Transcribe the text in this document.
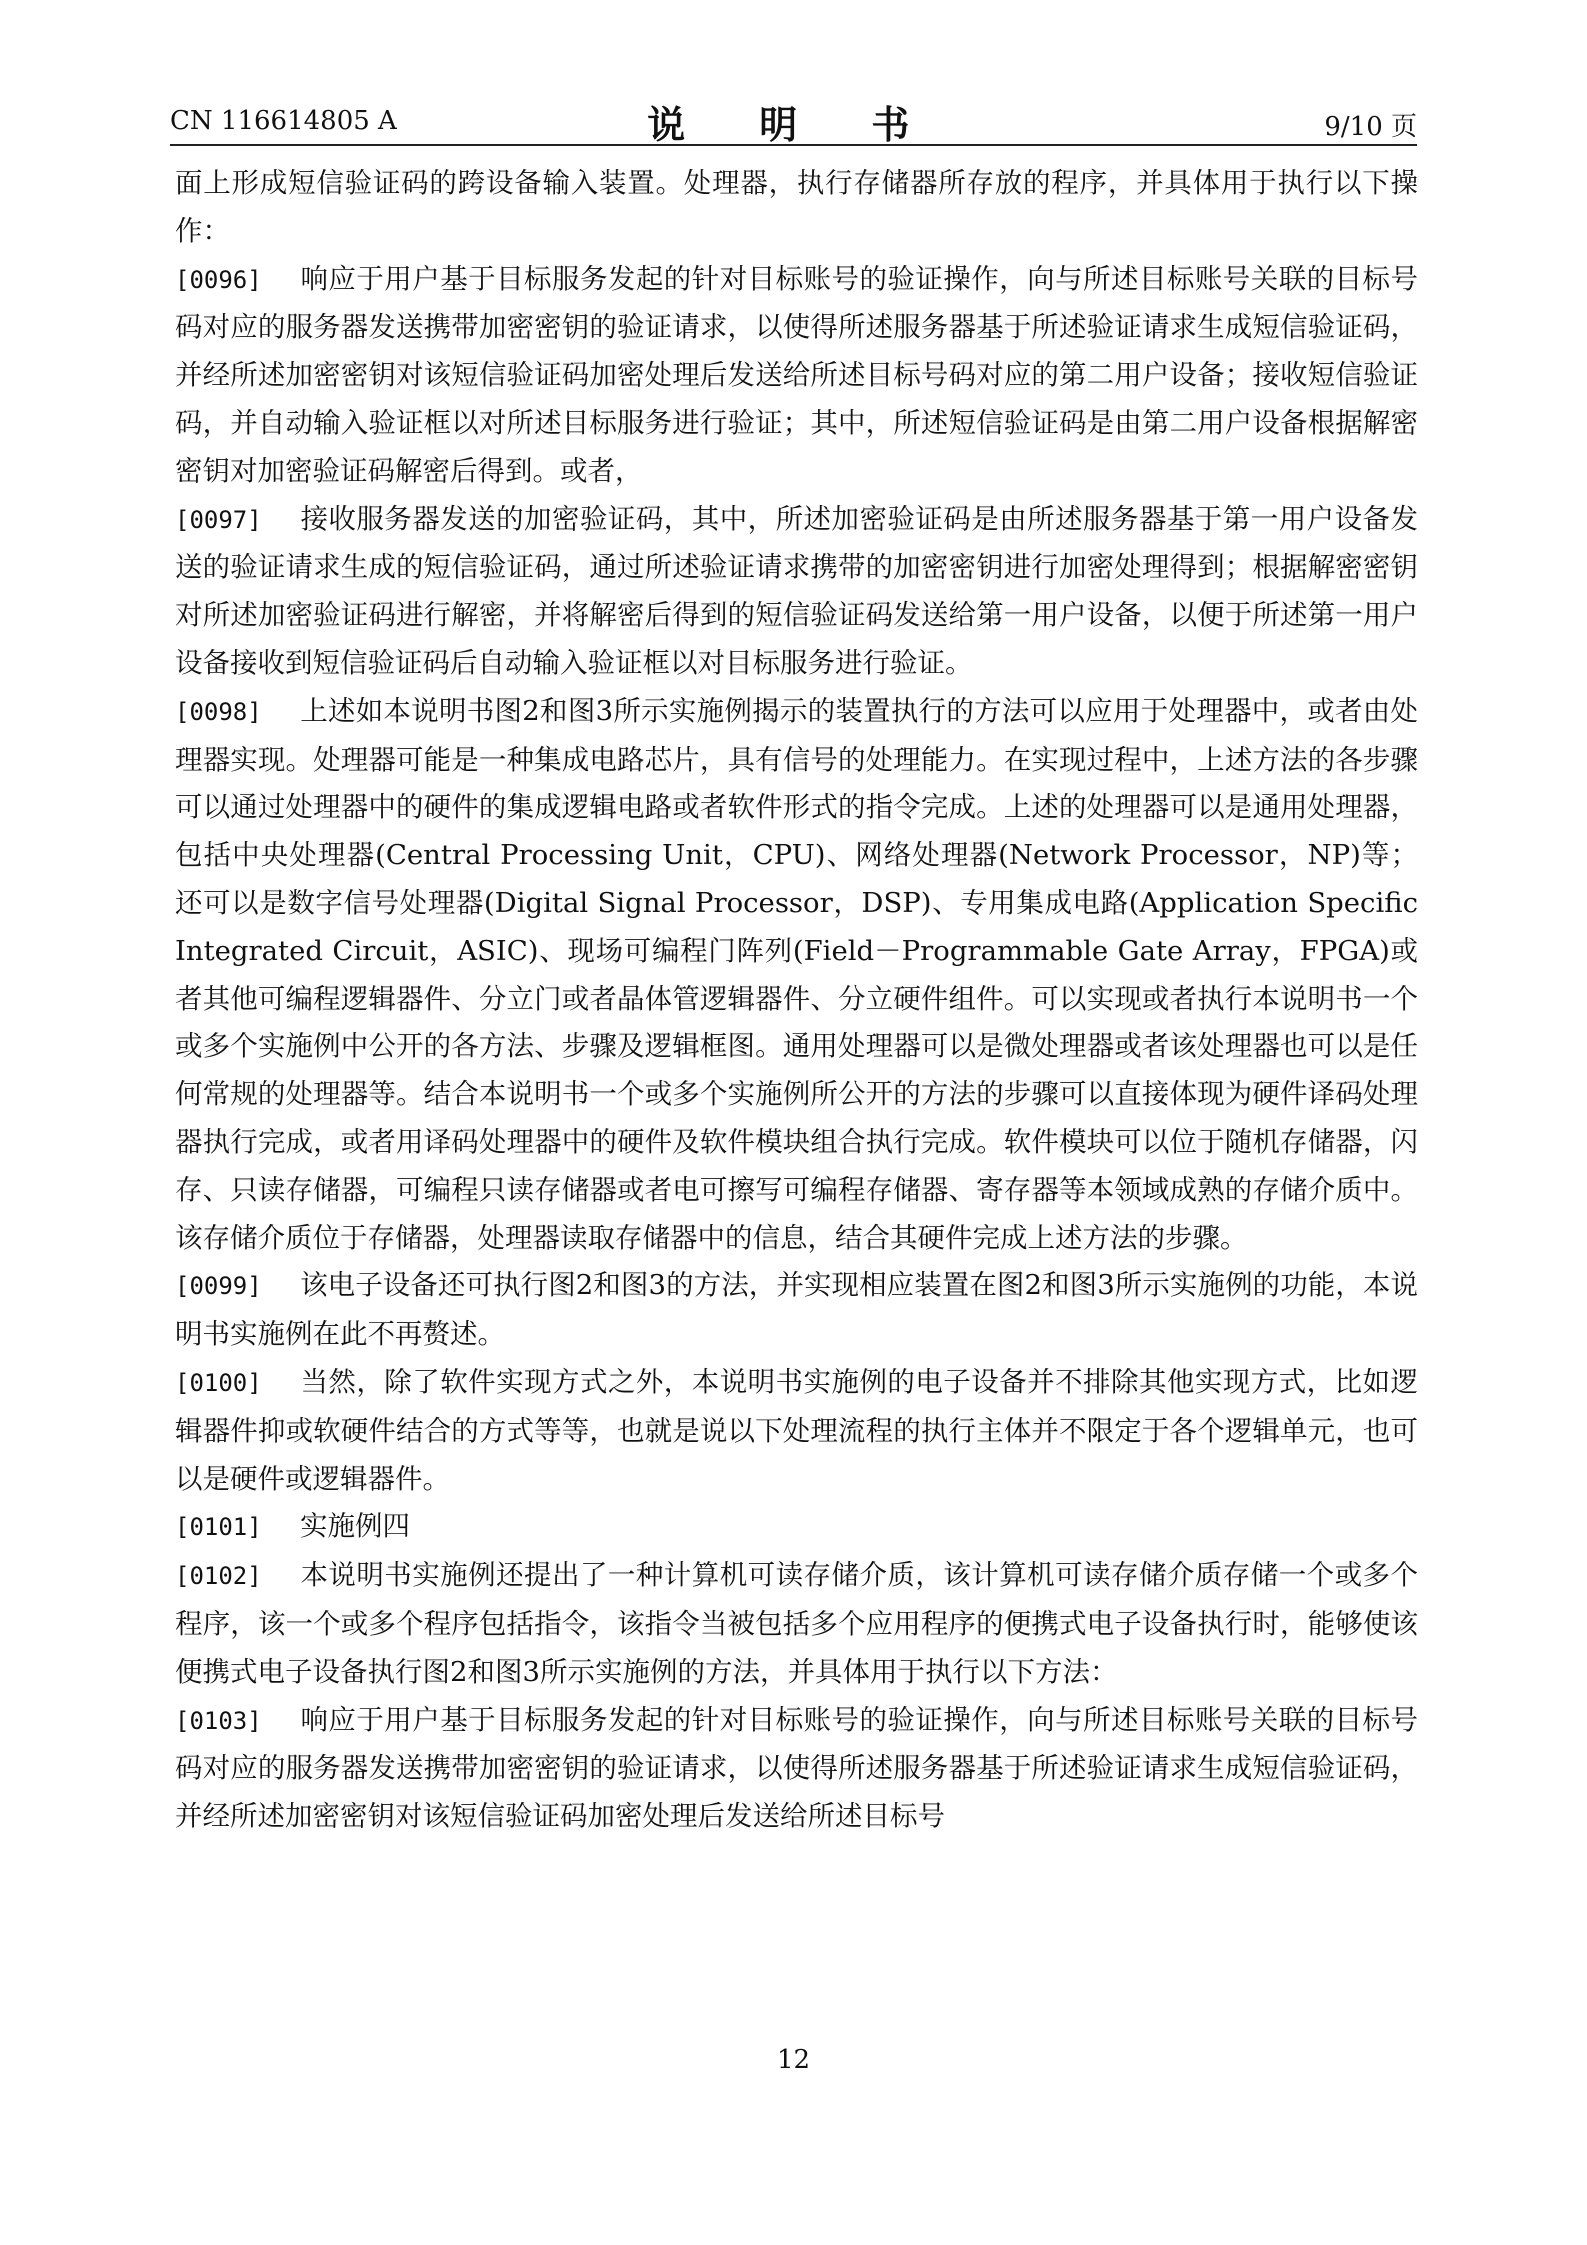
CN 116614805 A	说 明 书	9/10 页

面上形成短信验证码的跨设备输入装置。处理器，执行存储器所存放的程序，并具体用于执行以下操作：

[0096] 响应于用户基于目标服务发起的针对目标账号的验证操作，向与所述目标账号关联的目标号码对应的服务器发送携带加密密钥的验证请求，以使得所述服务器基于所述验证请求生成短信验证码，并经所述加密密钥对该短信验证码加密处理后发送给所述目标号码对应的第二用户设备；接收短信验证码，并自动输入验证框以对所述目标服务进行验证；其中，所述短信验证码是由第二用户设备根据解密密钥对加密验证码解密后得到。或者，

[0097] 接收服务器发送的加密验证码，其中，所述加密验证码是由所述服务器基于第一用户设备发送的验证请求生成的短信验证码，通过所述验证请求携带的加密密钥进行加密处理得到；根据解密密钥对所述加密验证码进行解密，并将解密后得到的短信验证码发送给第一用户设备，以便于所述第一用户设备接收到短信验证码后自动输入验证框以对目标服务进行验证。

[0098] 上述如本说明书图2和图3所示实施例揭示的装置执行的方法可以应用于处理器中，或者由处理器实现。处理器可能是一种集成电路芯片，具有信号的处理能力。在实现过程中，上述方法的各步骤可以通过处理器中的硬件的集成逻辑电路或者软件形式的指令完成。上述的处理器可以是通用处理器，包括中央处理器(Central Processing Unit，CPU)、网络处理器(Network Processor，NP)等；还可以是数字信号处理器(Digital Signal Processor，DSP)、专用集成电路(Application Specific Integrated Circuit，ASIC)、现场可编程门阵列(Field－Programmable Gate Array，FPGA)或者其他可编程逻辑器件、分立门或者晶体管逻辑器件、分立硬件组件。可以实现或者执行本说明书一个或多个实施例中公开的各方法、步骤及逻辑框图。通用处理器可以是微处理器或者该处理器也可以是任何常规的处理器等。结合本说明书一个或多个实施例所公开的方法的步骤可以直接体现为硬件译码处理器执行完成，或者用译码处理器中的硬件及软件模块组合执行完成。软件模块可以位于随机存储器，闪存、只读存储器，可编程只读存储器或者电可擦写可编程存储器、寄存器等本领域成熟的存储介质中。该存储介质位于存储器，处理器读取存储器中的信息，结合其硬件完成上述方法的步骤。

[0099] 该电子设备还可执行图2和图3的方法，并实现相应装置在图2和图3所示实施例的功能，本说明书实施例在此不再赘述。

[0100] 当然，除了软件实现方式之外，本说明书实施例的电子设备并不排除其他实现方式，比如逻辑器件抑或软硬件结合的方式等等，也就是说以下处理流程的执行主体并不限定于各个逻辑单元，也可以是硬件或逻辑器件。

[0101] 实施例四

[0102] 本说明书实施例还提出了一种计算机可读存储介质，该计算机可读存储介质存储一个或多个程序，该一个或多个程序包括指令，该指令当被包括多个应用程序的便携式电子设备执行时，能够使该便携式电子设备执行图2和图3所示实施例的方法，并具体用于执行以下方法：

[0103] 响应于用户基于目标服务发起的针对目标账号的验证操作，向与所述目标账号关联的目标号码对应的服务器发送携带加密密钥的验证请求，以使得所述服务器基于所述验证请求生成短信验证码，并经所述加密密钥对该短信验证码加密处理后发送给所述目标号

12
